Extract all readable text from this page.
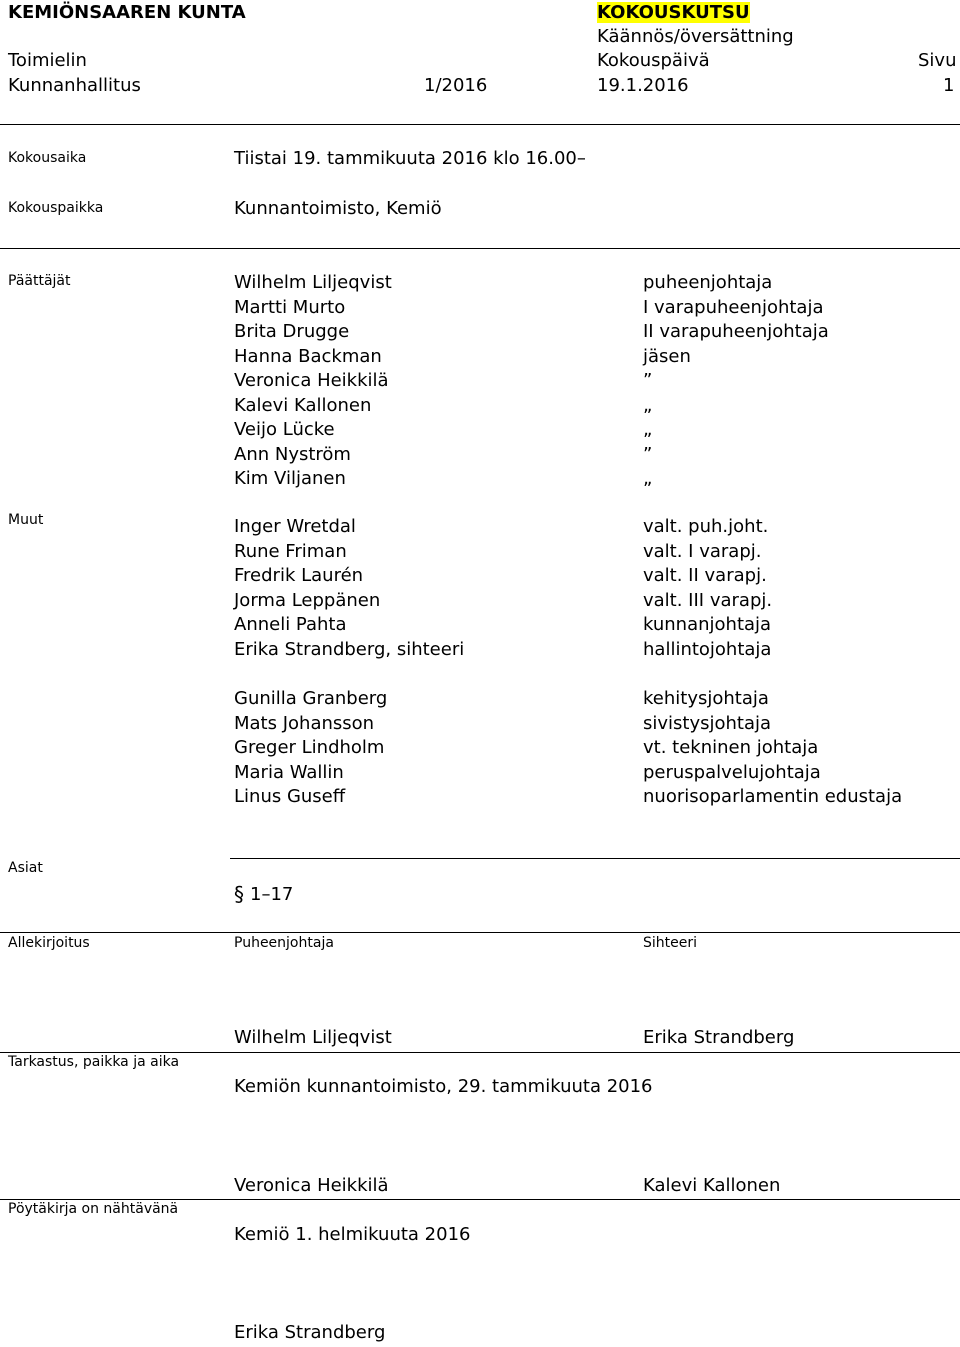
KEMIÖNSAAREN KUNTA	KOKOUSKUTSU
Käännös/översättning
Toimielin	Kokouspäivä	Sivu
Kunnanhallitus	1/2016	19.1.2016	1
Kokousaika	Tiistai 19. tammikuuta 2016 klo 16.00–
Kokouspaikka	Kunnantoimisto, Kemiö
Päättäjät	Wilhelm Liljeqvist	puheenjohtaja
Martti Murto	I varapuheenjohtaja
Brita Drugge	II varapuheenjohtaja
Hanna Backman	jäsen
Veronica Heikkilä	”
Kalevi Kallonen	„
Veijo Lücke	„
Ann Nyström	”
Kim Viljanen	„
Muut	Inger Wretdal	valt. puh.joht.
Rune Friman	valt. I varapj.
Fredrik Laurén	valt. II varapj.
Jorma Leppänen	valt. III varapj.
Anneli Pahta	kunnanjohtaja
Erika Strandberg, sihteeri	hallintojohtaja
Gunilla Granberg	kehitysjohtaja
Mats Johansson	sivistysjohtaja
Greger Lindholm	vt. tekninen johtaja
Maria Wallin	peruspalvelujohtaja
Linus Guseff	nuorisoparlamentin edustaja
Asiat
§ 1–17
Allekirjoitus	Puheenjohtaja	Sihteeri
Wilhelm Liljeqvist	Erika Strandberg
Tarkastus, paikka ja aika
Kemiön kunnantoimisto, 29. tammikuuta 2016
Veronica Heikkilä	Kalevi Kallonen
Pöytäkirja on nähtävänä
Kemiö 1. helmikuuta 2016
Erika Strandberg
